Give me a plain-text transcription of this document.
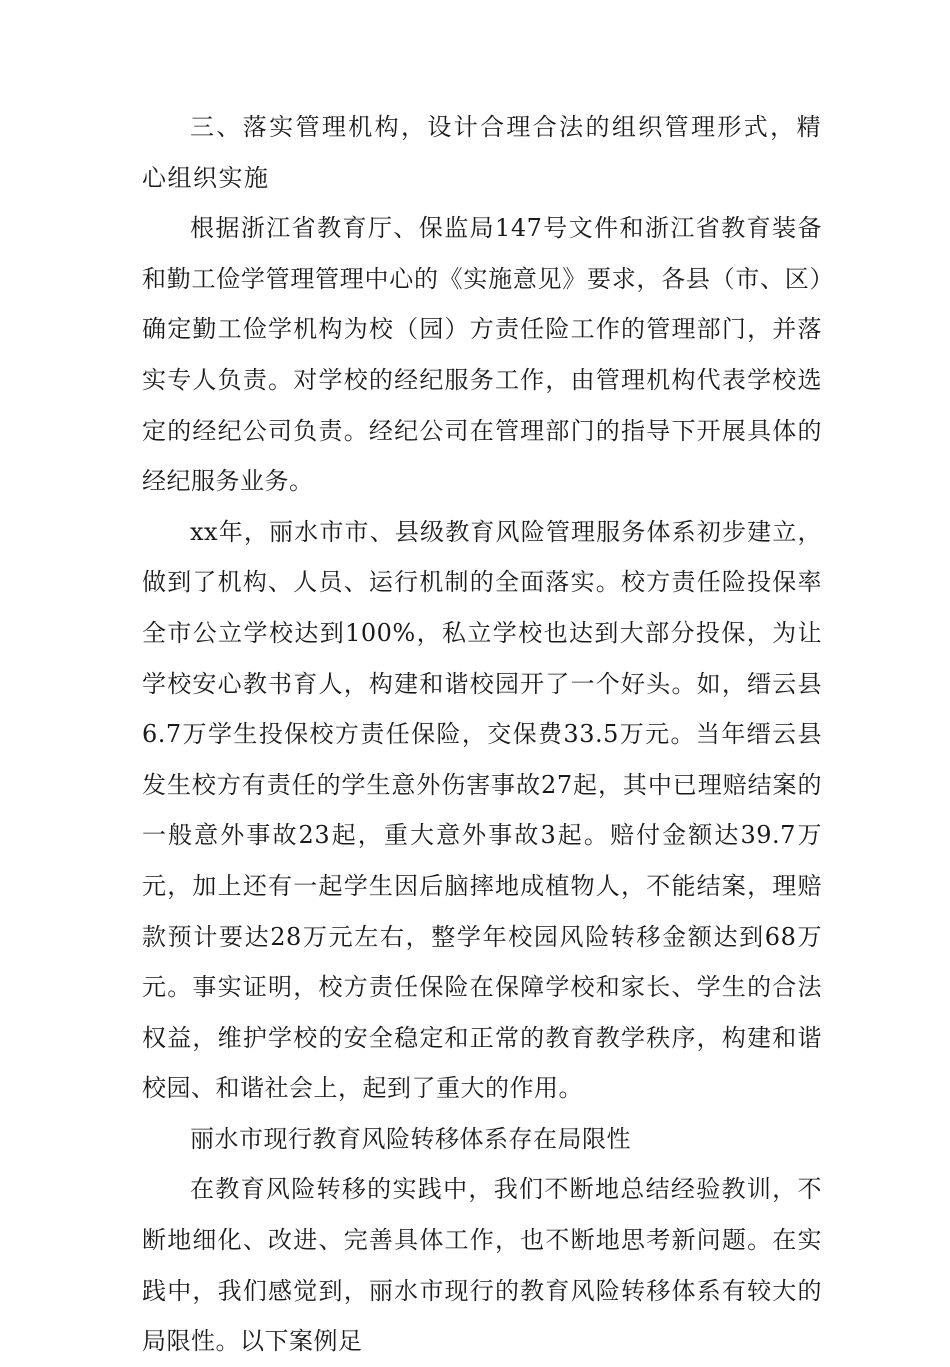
三、落实管理机构，设计合理合法的组织管理形式，精心组织实施

根据浙江省教育厅、保监局147号文件和浙江省教育装备和勤工俭学管理管理中心的《实施意见》要求，各县（市、区）确定勤工俭学机构为校（园）方责任险工作的管理部门，并落实专人负责。对学校的经纪服务工作，由管理机构代表学校选定的经纪公司负责。经纪公司在管理部门的指导下开展具体的经纪服务业务。

xx年，丽水市市、县级教育风险管理服务体系初步建立，做到了机构、人员、运行机制的全面落实。校方责任险投保率全市公立学校达到100%，私立学校也达到大部分投保，为让学校安心教书育人，构建和谐校园开了一个好头。如，缙云县6.7万学生投保校方责任保险，交保费33.5万元。当年缙云县发生校方有责任的学生意外伤害事故27起，其中已理赔结案的一般意外事故23起，重大意外事故3起。赔付金额达39.7万元，加上还有一起学生因后脑摔地成植物人，不能结案，理赔款预计要达28万元左右，整学年校园风险转移金额达到68万元。事实证明，校方责任保险在保障学校和家长、学生的合法权益，维护学校的安全稳定和正常的教育教学秩序，构建和谐校园、和谐社会上，起到了重大的作用。

丽水市现行教育风险转移体系存在局限性

在教育风险转移的实践中，我们不断地总结经验教训，不断地细化、改进、完善具体工作，也不断地思考新问题。在实践中，我们感觉到，丽水市现行的教育风险转移体系有较大的局限性。以下案例足
